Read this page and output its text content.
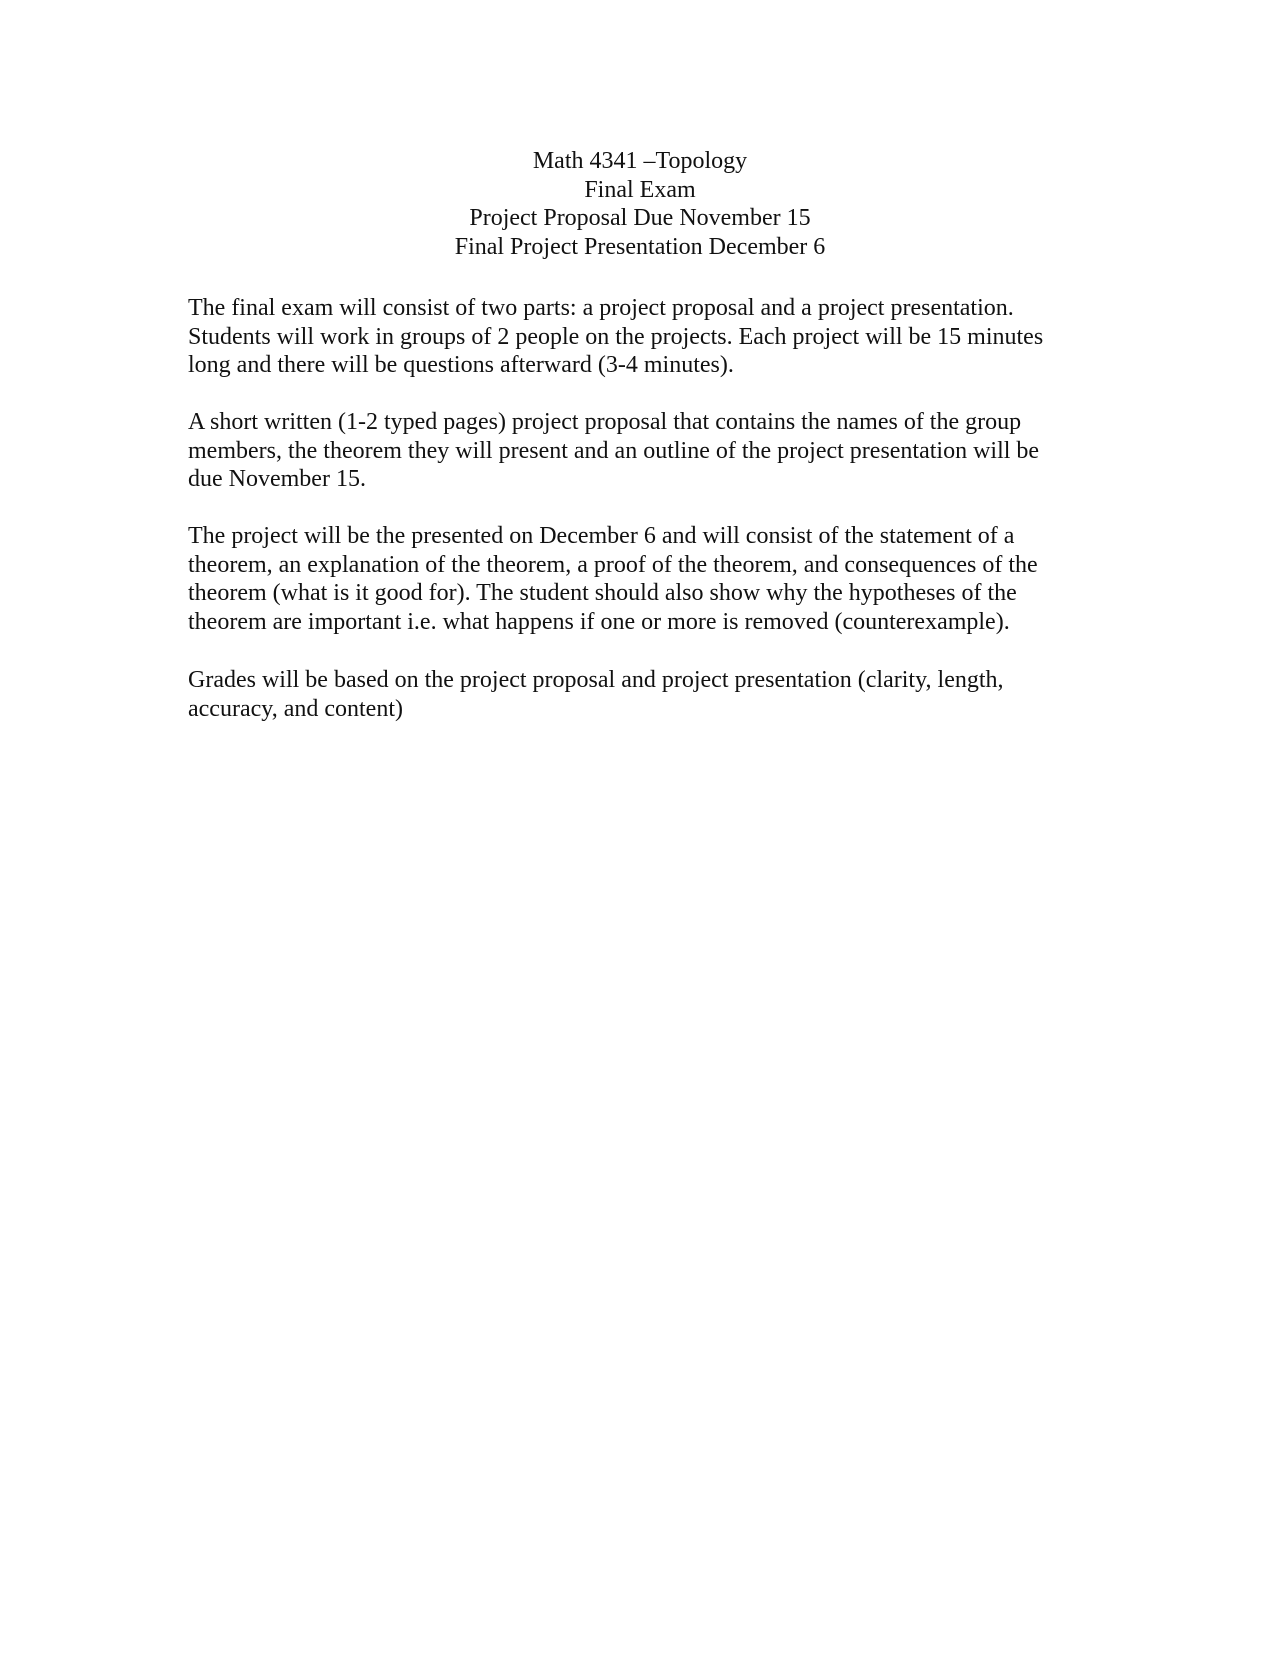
Math 4341 –Topology
Final Exam
Project Proposal Due November 15
Final Project Presentation December 6
The final exam will consist of two parts: a project proposal and a project presentation.
Students will work in groups of 2 people on the projects. Each project will be 15 minutes
long and there will be questions afterward (3-4 minutes).
A short written (1-2 typed pages) project proposal that contains the names of the group
members, the theorem they will present and an outline of the project presentation will be
due November 15.
The project will be the presented on December 6 and will consist of the statement of a
theorem, an explanation of the theorem, a proof of the theorem, and consequences of the
theorem (what is it good for). The student should also show why the hypotheses of the
theorem are important i.e. what happens if one or more is removed (counterexample).
Grades will be based on the project proposal and project presentation (clarity, length,
accuracy, and content)
